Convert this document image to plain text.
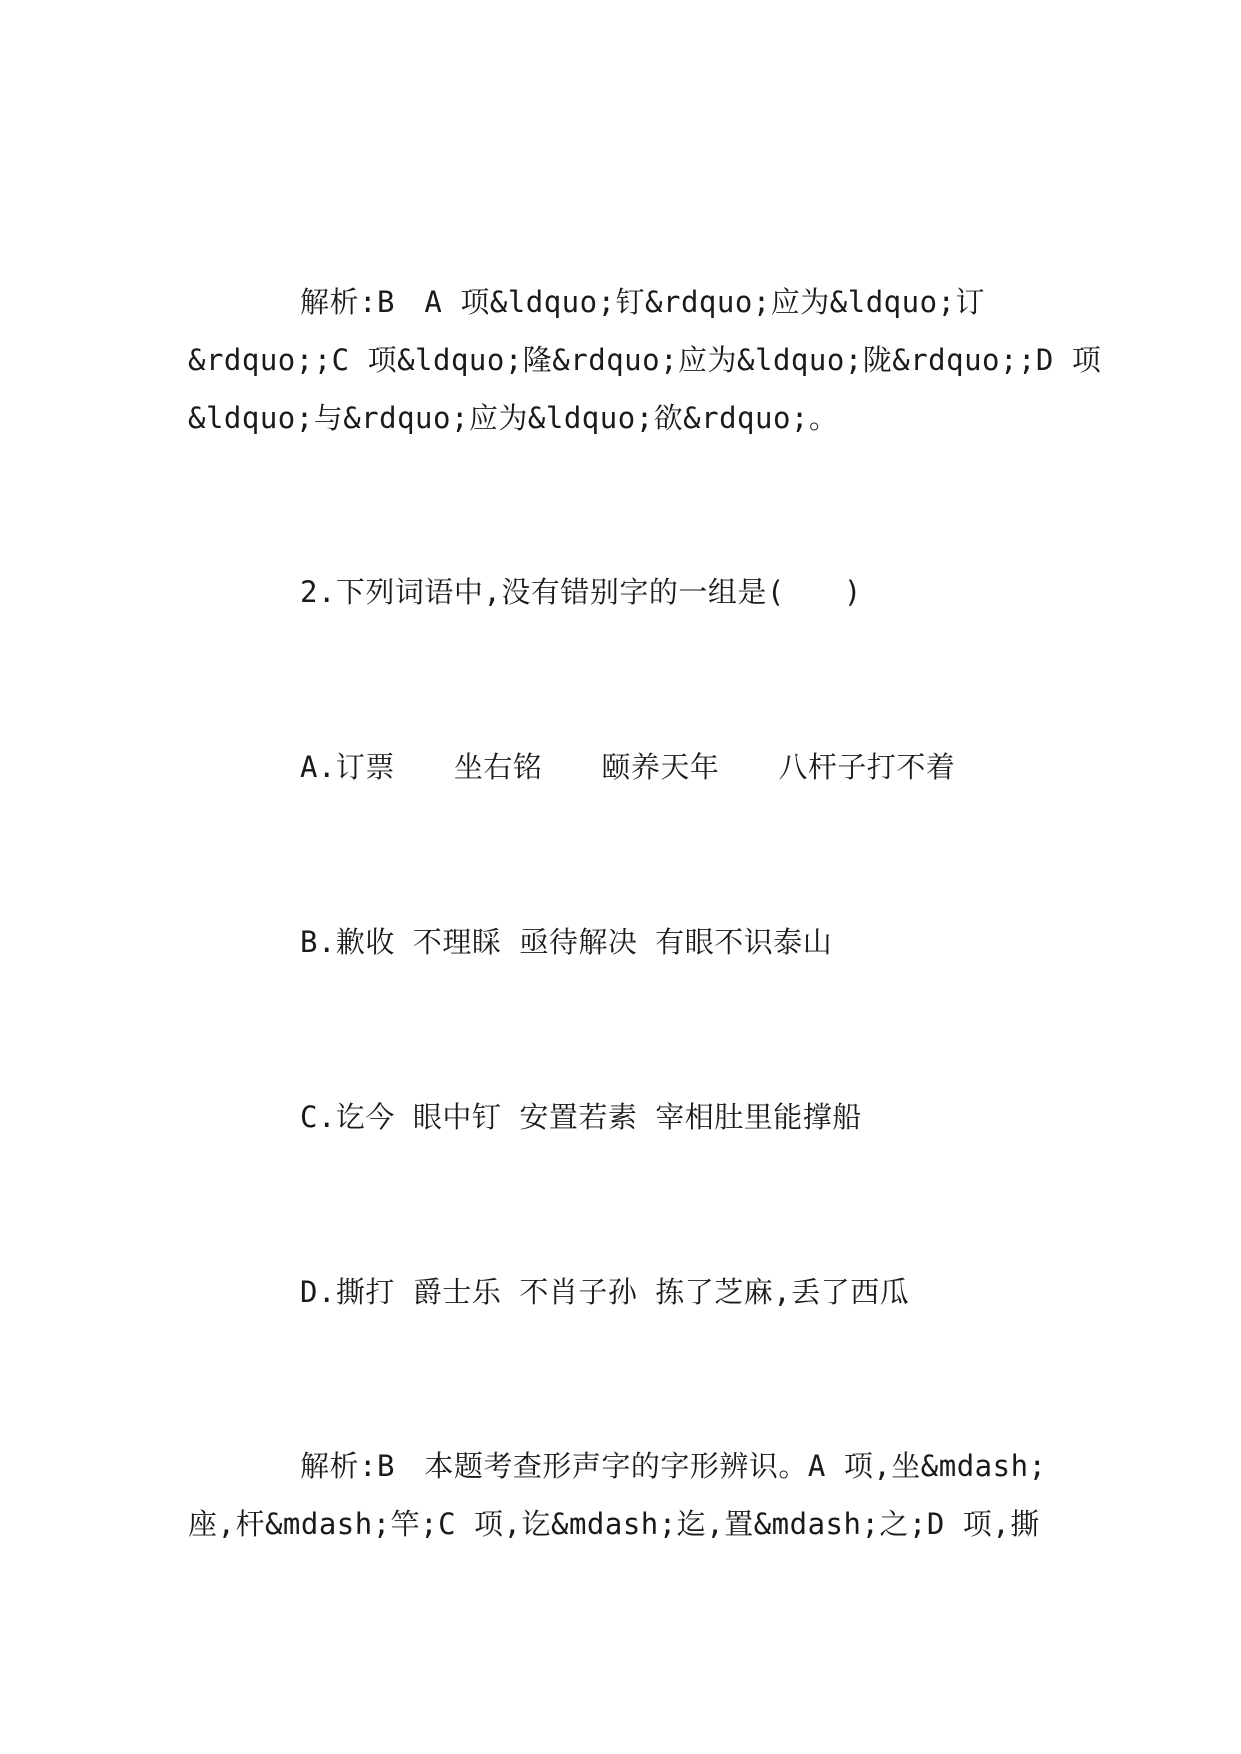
解析:B　A 项&ldquo;钉&rdquo;应为&ldquo;订
&rdquo;;C 项&ldquo;隆&rdquo;应为&ldquo;陇&rdquo;;D 项
&ldquo;与&rdquo;应为&ldquo;欲&rdquo;。
2.下列词语中,没有错别字的一组是(　　)
A.订票　　坐右铭　　颐养天年　　八杆子打不着
B.歉收 不理睬 亟待解决 有眼不识泰山
C.讫今 眼中钉 安置若素 宰相肚里能撑船
D.撕打 爵士乐 不肖子孙 拣了芝麻,丢了西瓜
解析:B　本题考查形声字的字形辨识。A 项,坐&mdash;
座,杆&mdash;竿;C 项,讫&mdash;迄,置&mdash;之;D 项,撕
